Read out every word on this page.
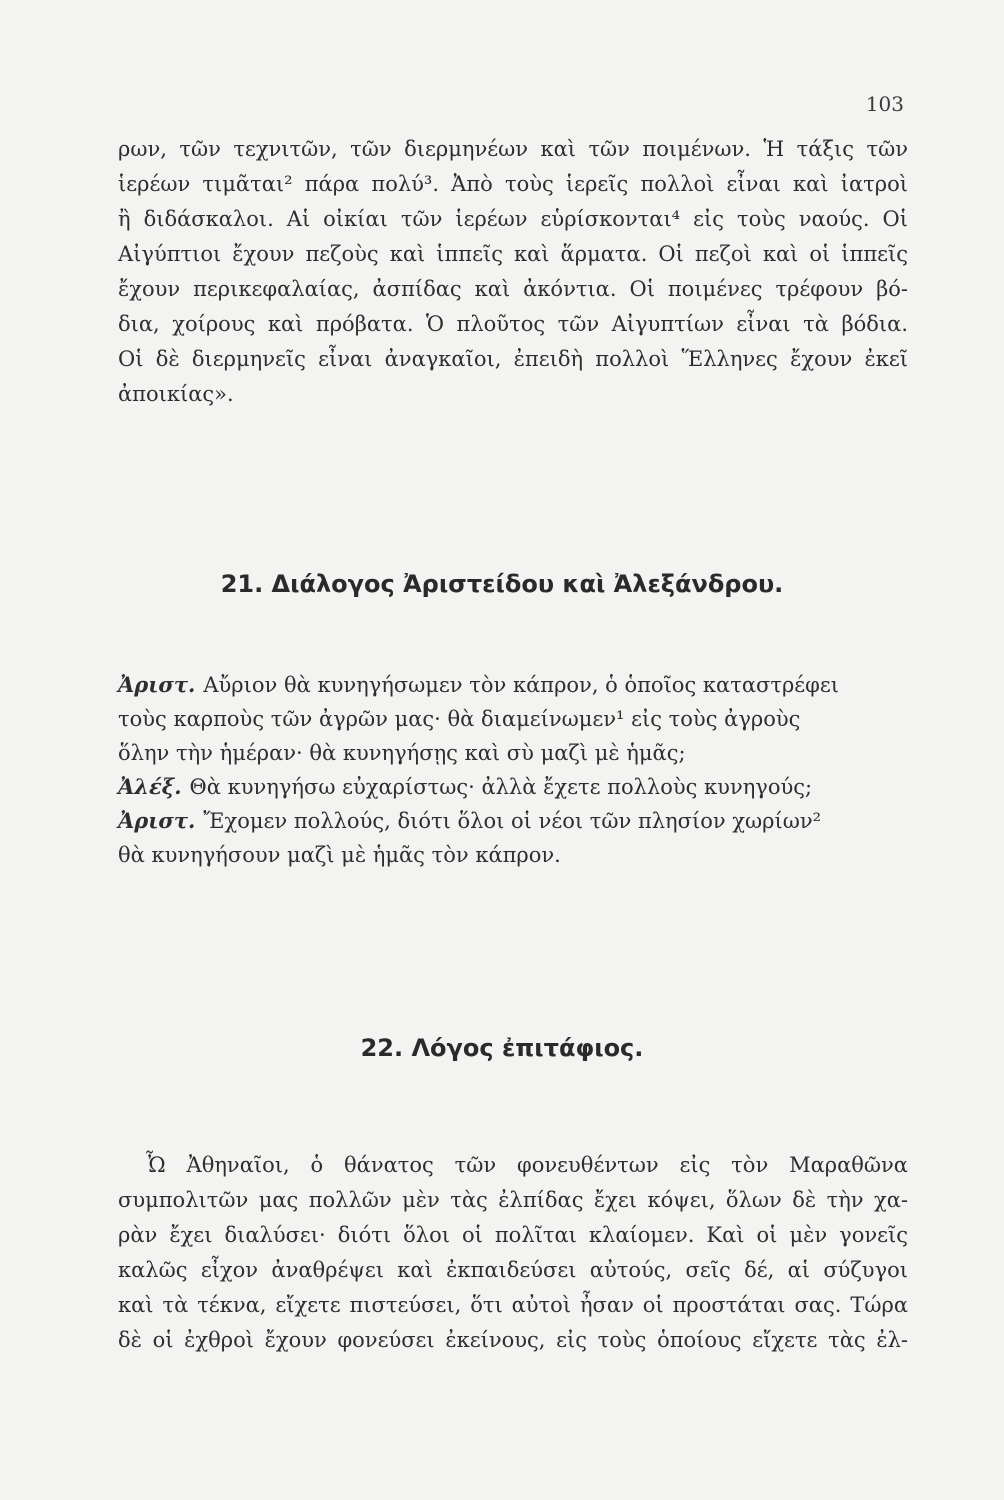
103
ρων, τῶν τεχνιτῶν, τῶν διερμηνέων καὶ τῶν ποιμένων. Ἡ τάξις τῶν
ἱερέων τιμᾶται² πάρα πολύ³. Ἀπὸ τοὺς ἱερεῖς πολλοὶ εἶναι καὶ ἰατροὶ
ἢ διδάσκαλοι. Αἱ οἰκίαι τῶν ἱερέων εὑρίσκονται⁴ εἰς τοὺς ναούς. Οἱ
Αἰγύπτιοι ἔχουν πεζοὺς καὶ ἱππεῖς καὶ ἅρματα. Οἱ πεζοὶ καὶ οἱ ἱππεῖς
ἔχουν περικεφαλαίας, ἀσπίδας καὶ ἀκόντια. Οἱ ποιμένες τρέφουν βό-
δια, χοίρους καὶ πρόβατα. Ὁ πλοῦτος τῶν Αἰγυπτίων εἶναι τὰ βόδια.
Οἱ δὲ διερμηνεῖς εἶναι ἀναγκαῖοι, ἐπειδὴ πολλοὶ Ἕλληνες ἔχουν ἐκεῖ
ἀποικίας».
21. Διάλογος Ἀριστείδου καὶ Ἀλεξάνδρου.
Ἀριστ. Αὔριον θὰ κυνηγήσωμεν τὸν κάπρον, ὁ ὁποῖος καταστρέφει
τοὺς καρποὺς τῶν ἀγρῶν μας· θὰ διαμείνωμεν¹ εἰς τοὺς ἀγροὺς
ὅλην τὴν ἡμέραν· θὰ κυνηγήσῃς καὶ σὺ μαζὶ μὲ ἡμᾶς;
Ἀλέξ. Θὰ κυνηγήσω εὐχαρίστως· ἀλλὰ ἔχετε πολλοὺς κυνηγούς;
Ἀριστ. Ἔχομεν πολλούς, διότι ὅλοι οἱ νέοι τῶν πλησίον χωρίων²
θὰ κυνηγήσουν μαζὶ μὲ ἡμᾶς τὸν κάπρον.
22. Λόγος ἐπιτάφιος.
Ὦ Ἀθηναῖοι, ὁ θάνατος τῶν φονευθέντων εἰς τὸν Μαραθῶνα
συμπολιτῶν μας πολλῶν μὲν τὰς ἐλπίδας ἔχει κόψει, ὅλων δὲ τὴν χα-
ρὰν ἔχει διαλύσει· διότι ὅλοι οἱ πολῖται κλαίομεν. Καὶ οἱ μὲν γονεῖς
καλῶς εἶχον ἀναθρέψει καὶ ἐκπαιδεύσει αὐτούς, σεῖς δέ, αἱ σύζυγοι
καὶ τὰ τέκνα, εἴχετε πιστεύσει, ὅτι αὐτοὶ ἦσαν οἱ προστάται σας. Τώρα
δὲ οἱ ἐχθροὶ ἔχουν φονεύσει ἐκείνους, εἰς τοὺς ὁποίους εἴχετε τὰς ἐλ-
